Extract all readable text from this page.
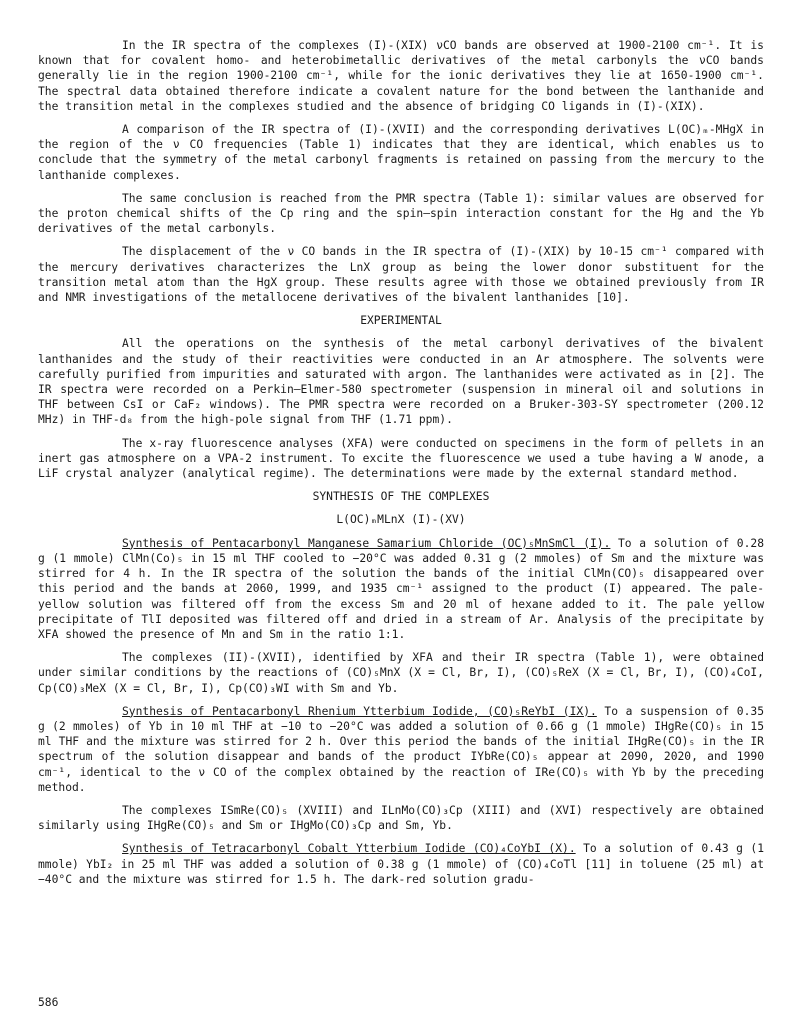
In the IR spectra of the complexes (I)-(XIX) νCO bands are observed at 1900-2100 cm⁻¹. It is known that for covalent homo- and heterobimetallic derivatives of the metal carbonyls the νCO bands generally lie in the region 1900-2100 cm⁻¹, while for the ionic derivatives they lie at 1650-1900 cm⁻¹. The spectral data obtained therefore indicate a covalent nature for the bond between the lanthanide and the transition metal in the complexes studied and the absence of bridging CO ligands in (I)-(XIX).

A comparison of the IR spectra of (I)-(XVII) and the corresponding derivatives L(OC)ₘ-MHgX in the region of the ν CO frequencies (Table 1) indicates that they are identical, which enables us to conclude that the symmetry of the metal carbonyl fragments is retained on passing from the mercury to the lanthanide complexes.

The same conclusion is reached from the PMR spectra (Table 1): similar values are observed for the proton chemical shifts of the Cp ring and the spin–spin interaction constant for the Hg and the Yb derivatives of the metal carbonyls.

The displacement of the ν CO bands in the IR spectra of (I)-(XIX) by 10-15 cm⁻¹ compared with the mercury derivatives characterizes the LnX group as being the lower donor substituent for the transition metal atom than the HgX group. These results agree with those we obtained previously from IR and NMR investigations of the metallocene derivatives of the bivalent lanthanides [10].

EXPERIMENTAL

All the operations on the synthesis of the metal carbonyl derivatives of the bivalent lanthanides and the study of their reactivities were conducted in an Ar atmosphere. The solvents were carefully purified from impurities and saturated with argon. The lanthanides were activated as in [2]. The IR spectra were recorded on a Perkin–Elmer-580 spectrometer (suspension in mineral oil and solutions in THF between CsI or CaF₂ windows). The PMR spectra were recorded on a Bruker-303-SY spectrometer (200.12 MHz) in THF-d₈ from the high-pole signal from THF (1.71 ppm).

The x-ray fluorescence analyses (XFA) were conducted on specimens in the form of pellets in an inert gas atmosphere on a VPA-2 instrument. To excite the fluorescence we used a tube having a W anode, a LiF crystal analyzer (analytical regime). The determinations were made by the external standard method.

SYNTHESIS OF THE COMPLEXES
L(OC)ₘMLnX (I)-(XV)

Synthesis of Pentacarbonyl Manganese Samarium Chloride (OC)₅MnSmCl (I). To a solution of 0.28 g (1 mmole) ClMn(Co)₅ in 15 ml THF cooled to −20°C was added 0.31 g (2 mmoles) of Sm and the mixture was stirred for 4 h. In the IR spectra of the solution the bands of the initial ClMn(CO)₅ disappeared over this period and the bands at 2060, 1999, and 1935 cm⁻¹ assigned to the product (I) appeared. The pale-yellow solution was filtered off from the excess Sm and 20 ml of hexane added to it. The pale yellow precipitate of TlI deposited was filtered off and dried in a stream of Ar. Analysis of the precipitate by XFA showed the presence of Mn and Sm in the ratio 1:1.

The complexes (II)-(XVII), identified by XFA and their IR spectra (Table 1), were obtained under similar conditions by the reactions of (CO)₅MnX (X = Cl, Br, I), (CO)₅ReX (X = Cl, Br, I), (CO)₄CoI, Cp(CO)₃MeX (X = Cl, Br, I), Cp(CO)₃WI with Sm and Yb.

Synthesis of Pentacarbonyl Rhenium Ytterbium Iodide, (CO)₅ReYbI (IX). To a suspension of 0.35 g (2 mmoles) of Yb in 10 ml THF at −10 to −20°C was added a solution of 0.66 g (1 mmole) IHgRe(CO)₅ in 15 ml THF and the mixture was stirred for 2 h. Over this period the bands of the initial IHgRe(CO)₅ in the IR spectrum of the solution disappear and bands of the product IYbRe(CO)₅ appear at 2090, 2020, and 1990 cm⁻¹, identical to the ν CO of the complex obtained by the reaction of IRe(CO)₅ with Yb by the preceding method.

The complexes ISmRe(CO)₅ (XVIII) and ILnMo(CO)₃Cp (XIII) and (XVI) respectively are obtained similarly using IHgRe(CO)₅ and Sm or IHgMo(CO)₃Cp and Sm, Yb.

Synthesis of Tetracarbonyl Cobalt Ytterbium Iodide (CO)₄CoYbI (X). To a solution of 0.43 g (1 mmole) YbI₂ in 25 ml THF was added a solution of 0.38 g (1 mmole) of (CO)₄CoTl [11] in toluene (25 ml) at −40°C and the mixture was stirred for 1.5 h. The dark-red solution gradu-

586
